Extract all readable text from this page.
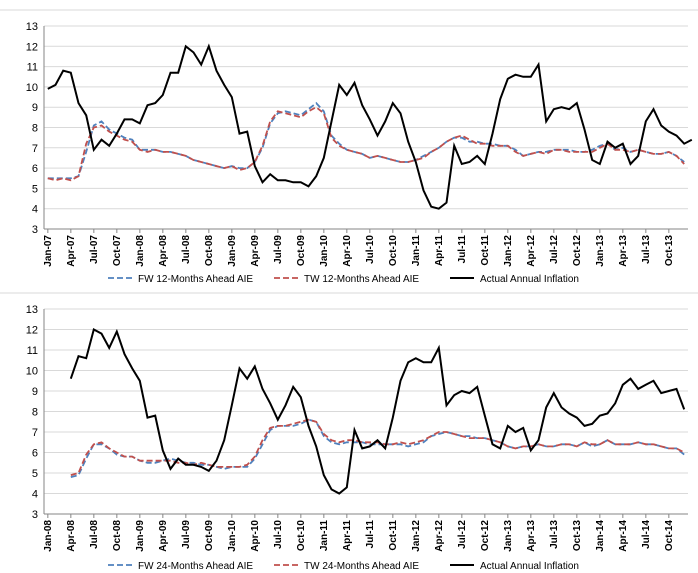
3
4
5
6
7
8
9
10
11
12
13
Jan-07 Apr-07 Jul-07 Oct-07 Jan-08 Apr-08 Jul-08 Oct-08 Jan-09 Apr-09 Jul-09 Oct-09 Jan-10 Apr-10 Jul-10 Oct-10 Jan-11 Apr-11 Jul-11 Oct-11 Jan-12 Apr-12 Jul-12 Oct-12 Jan-13 Apr-13 Jul-13 Oct-13
FW 12-Months Ahead AIE	TW 12-Months Ahead AIE	Actual Annual Inflation
3
4
5
6
7
8
9
10
11
12
13
Jan-08 Apr-08 Jul-08 Oct-08 Jan-09 Apr-09 Jul-09 Oct-09 Jan-10 Apr-10 Jul-10 Oct-10 Jan-11 Apr-11 Jul-11 Oct-11 Jan-12 Apr-12 Jul-12 Oct-12 Jan-13 Apr-13 Jul-13 Oct-13 Jan-14 Apr-14 Jul-14 Oct-14
FW 24-Months Ahead AIE	TW 24-Months Ahead AIE	Actual Annual Inflation
